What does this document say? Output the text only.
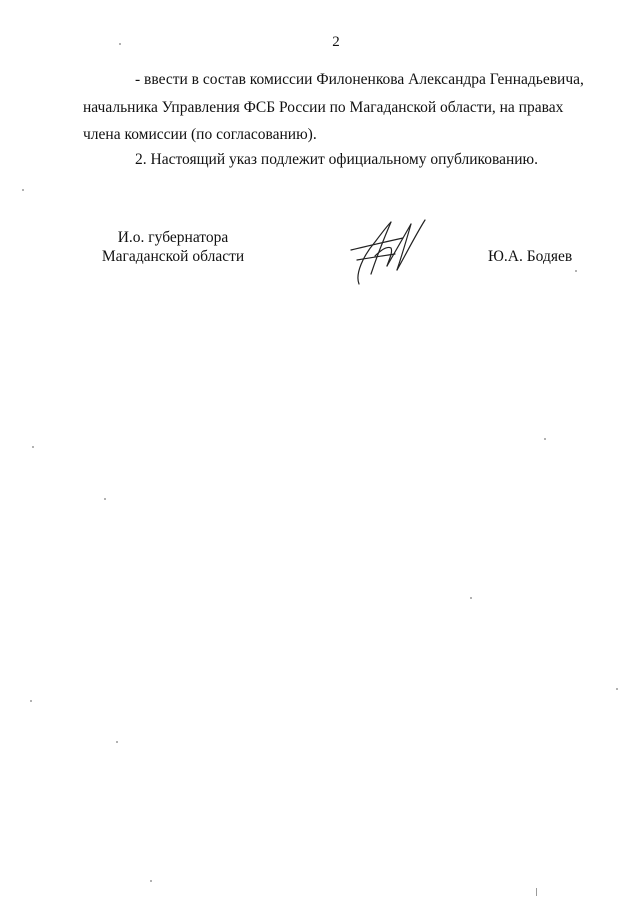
2
- ввести в состав комиссии Филоненкова Александра Геннадьевича,
начальника Управления ФСБ России по Магаданской области, на правах
члена комиссии (по согласованию).
2. Настоящий указ подлежит официальному опубликованию.
И.о. губернатора
Магаданской области	Ю.А. Бодяев
